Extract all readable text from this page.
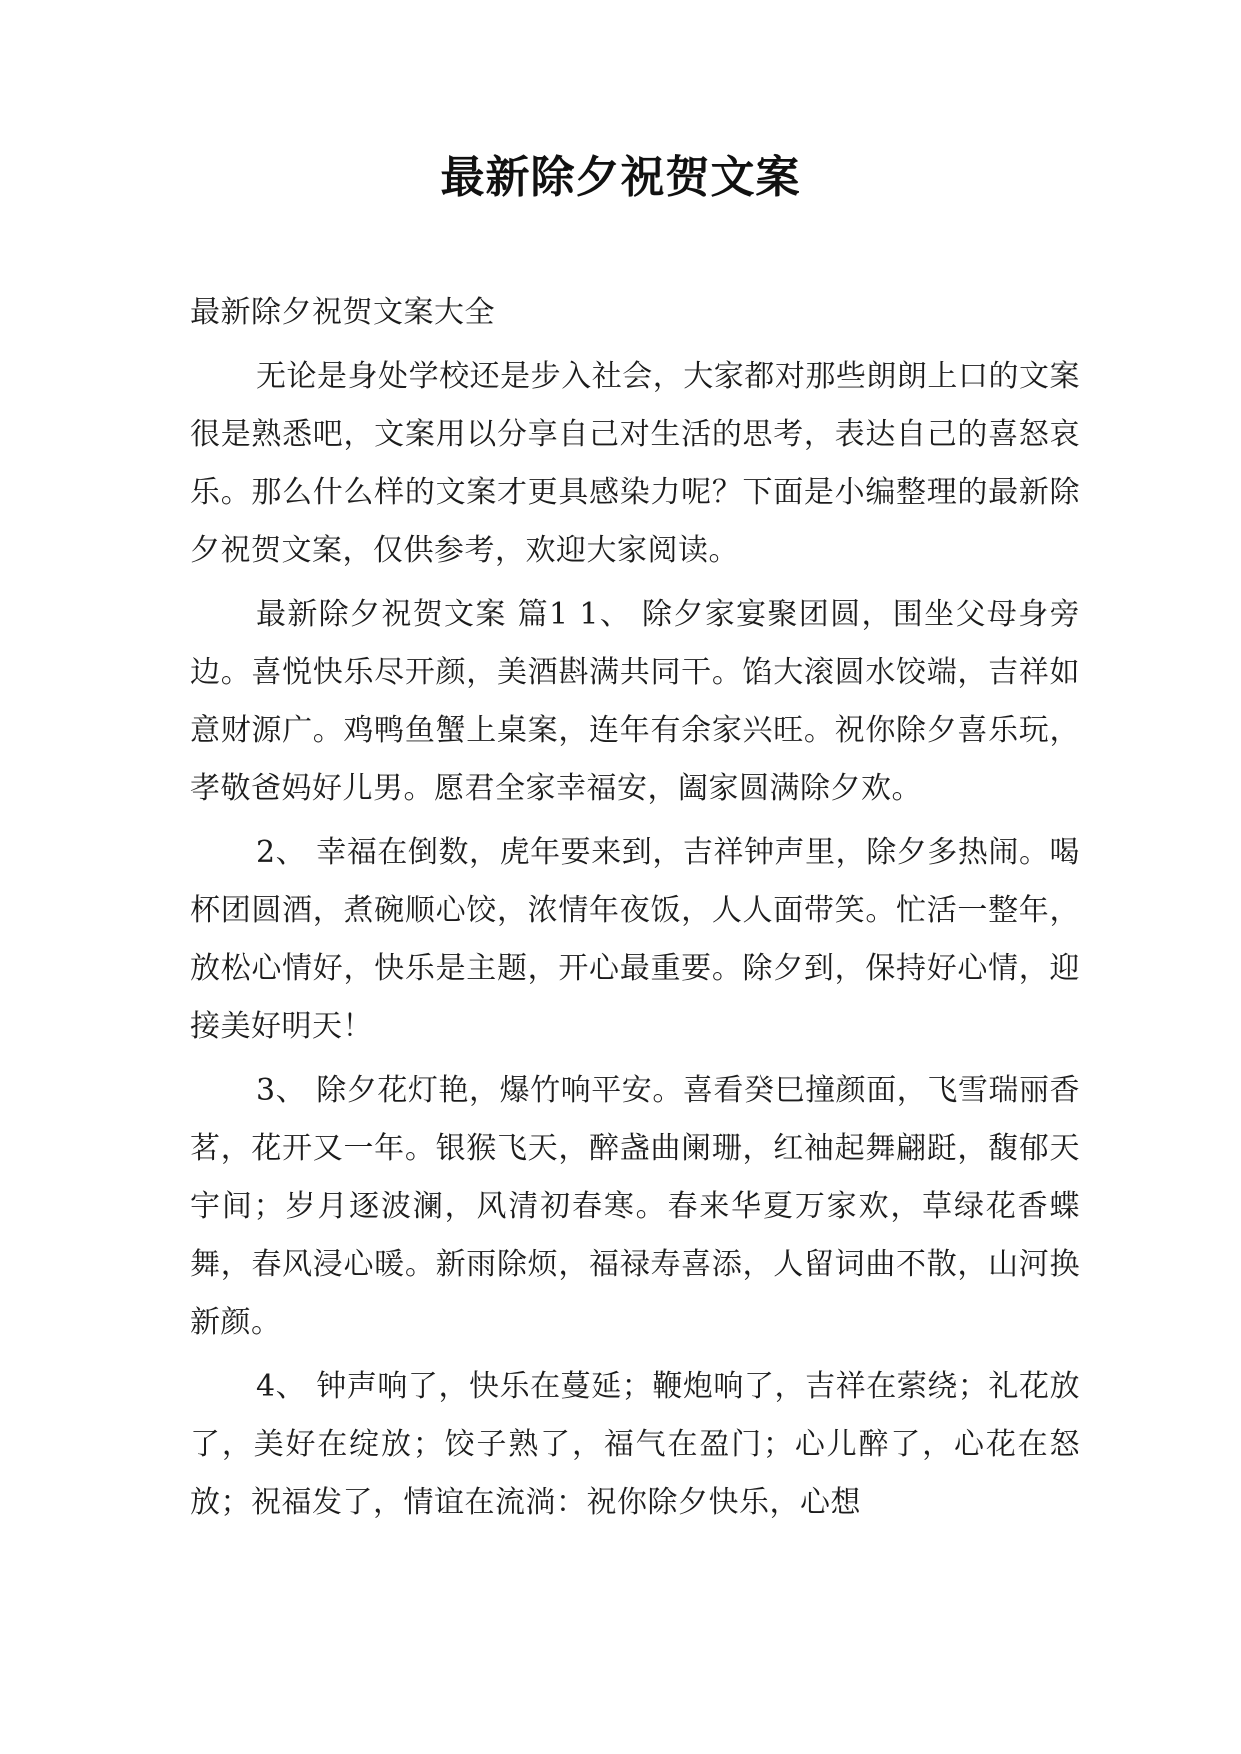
最新除夕祝贺文案

最新除夕祝贺文案大全

无论是身处学校还是步入社会，大家都对那些朗朗上口的文案很是熟悉吧，文案用以分享自己对生活的思考，表达自己的喜怒哀乐。那么什么样的文案才更具感染力呢？下面是小编整理的最新除夕祝贺文案，仅供参考，欢迎大家阅读。

最新除夕祝贺文案 篇1 1、 除夕家宴聚团圆，围坐父母身旁边。喜悦快乐尽开颜，美酒斟满共同干。馅大滚圆水饺端，吉祥如意财源广。鸡鸭鱼蟹上桌案，连年有余家兴旺。祝你除夕喜乐玩，孝敬爸妈好儿男。愿君全家幸福安，阖家圆满除夕欢。

2、 幸福在倒数，虎年要来到，吉祥钟声里，除夕多热闹。喝杯团圆酒，煮碗顺心饺，浓情年夜饭，人人面带笑。忙活一整年，放松心情好，快乐是主题，开心最重要。除夕到，保持好心情，迎接美好明天！

3、 除夕花灯艳，爆竹响平安。喜看癸巳撞颜面，飞雪瑞丽香茗，花开又一年。银猴飞天，醉盏曲阑珊，红袖起舞翩跹，馥郁天宇间；岁月逐波澜，风清初春寒。春来华夏万家欢，草绿花香蝶舞，春风浸心暖。新雨除烦，福禄寿喜添，人留词曲不散，山河换新颜。

4、 钟声响了，快乐在蔓延；鞭炮响了，吉祥在萦绕；礼花放了，美好在绽放；饺子熟了，福气在盈门；心儿醉了，心花在怒放；祝福发了，情谊在流淌：祝你除夕快乐，心想
